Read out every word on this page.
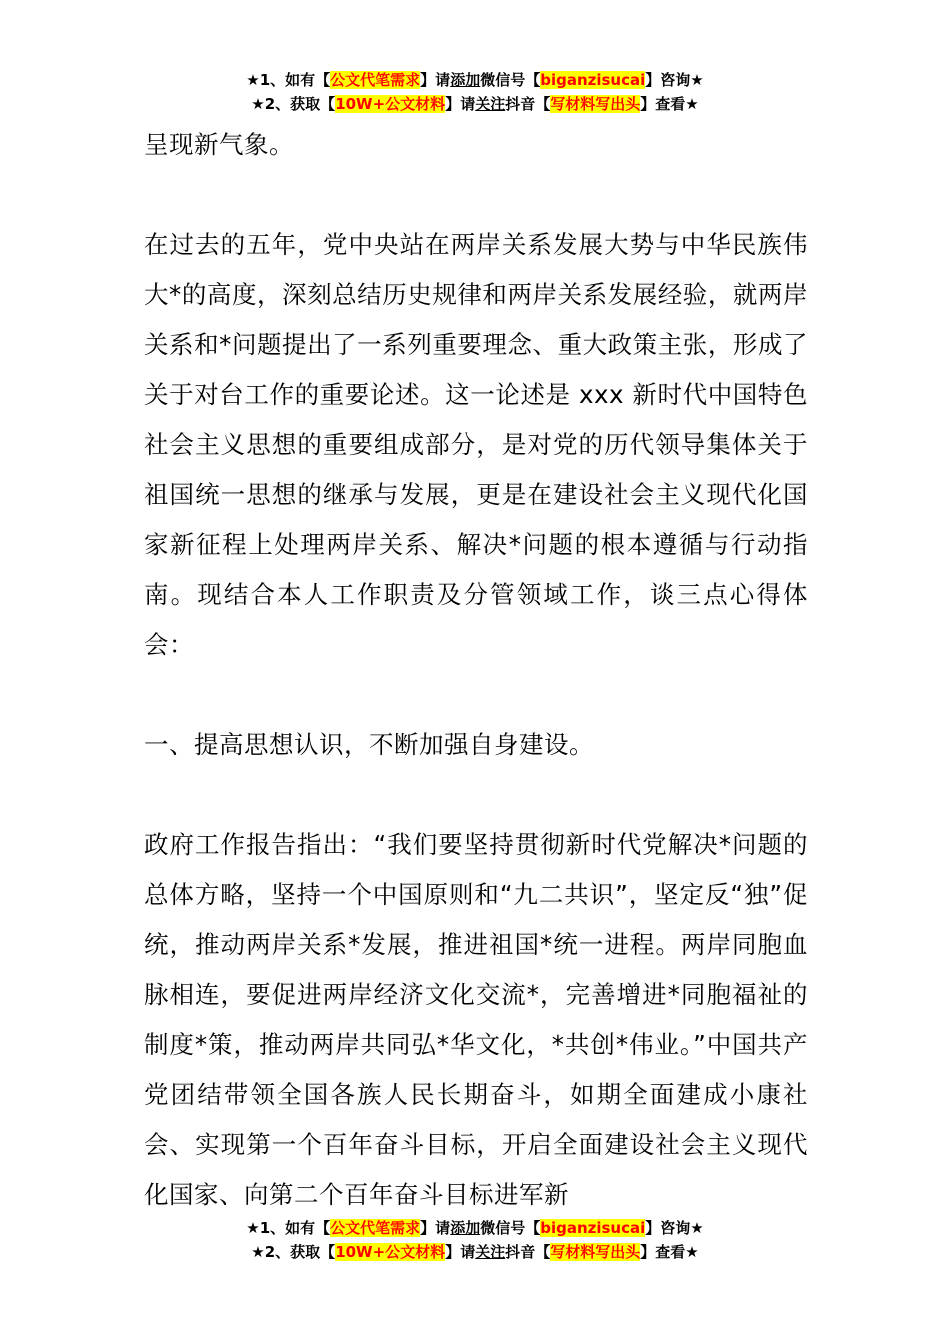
★1、如有【公文代笔需求】请添加微信号【biganzisucai】咨询★
★2、获取【10W+公文材料】请关注抖音【写材料写出头】查看★

呈现新气象。

在过去的五年，党中央站在两岸关系发展大势与中华民族伟大*的高度，深刻总结历史规律和两岸关系发展经验，就两岸关系和*问题提出了一系列重要理念、重大政策主张，形成了关于对台工作的重要论述。这一论述是 xxx 新时代中国特色社会主义思想的重要组成部分，是对党的历代领导集体关于祖国统一思想的继承与发展，更是在建设社会主义现代化国家新征程上处理两岸关系、解决*问题的根本遵循与行动指南。现结合本人工作职责及分管领域工作，谈三点心得体会：

一、提高思想认识，不断加强自身建设。

政府工作报告指出：“我们要坚持贯彻新时代党解决*问题的总体方略，坚持一个中国原则和“九二共识”，坚定反“独”促统，推动两岸关系*发展，推进祖国*统一进程。两岸同胞血脉相连，要促进两岸经济文化交流*，完善增进*同胞福祉的制度*策，推动两岸共同弘*华文化，*共创*伟业。”中国共产党团结带领全国各族人民长期奋斗，如期全面建成小康社会、实现第一个百年奋斗目标，开启全面建设社会主义现代化国家、向第二个百年奋斗目标进军新

★1、如有【公文代笔需求】请添加微信号【biganzisucai】咨询★
★2、获取【10W+公文材料】请关注抖音【写材料写出头】查看★
